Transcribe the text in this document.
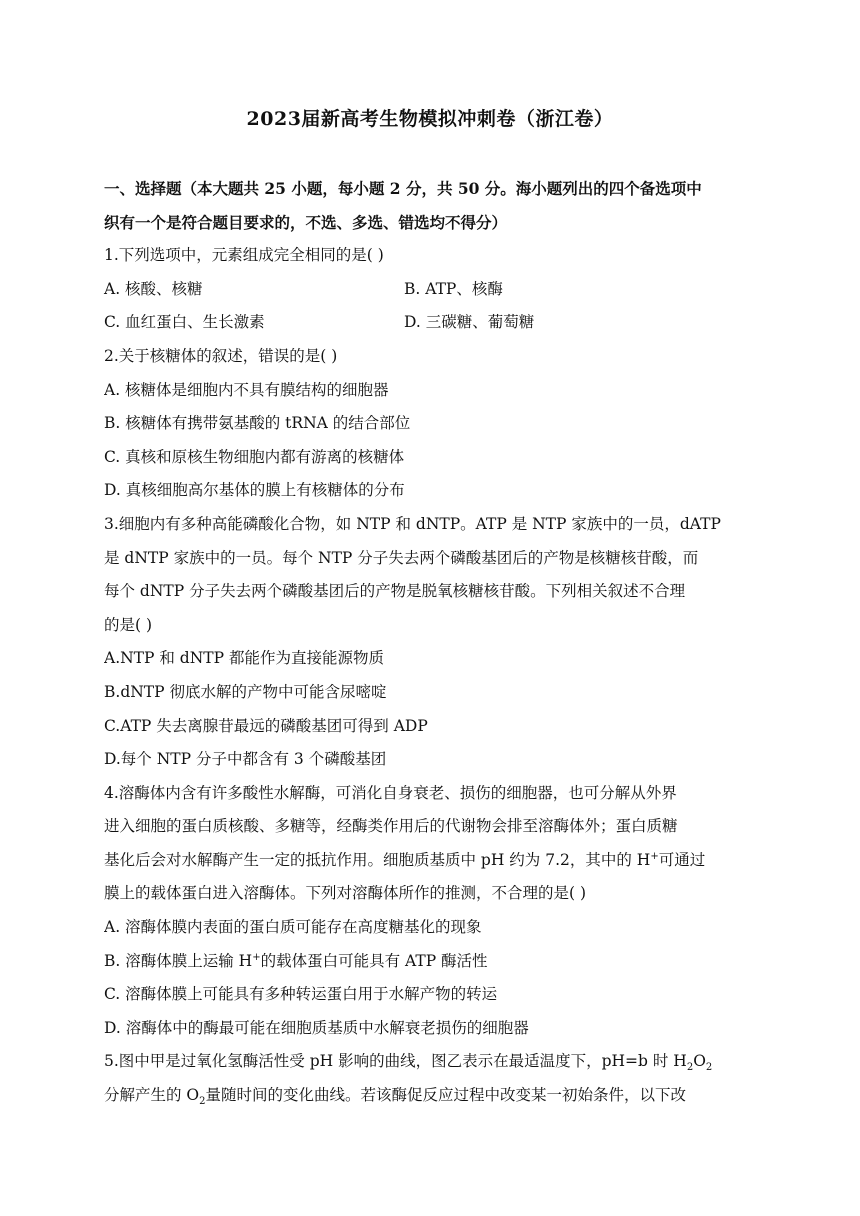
2023届新高考生物模拟冲刺卷（浙江卷）
一、选择题（本大题共 25 小题，每小题 2 分，共 50 分。海小题列出的四个备选项中
织有一个是符合题目要求的，不选、多选、错选均不得分）
1.下列选项中，元素组成完全相同的是( )
A. 核酸、核糖	B. ATP、核酶
C. 血红蛋白、生长激素	D. 三碳糖、葡萄糖
2.关于核糖体的叙述，错误的是( )
A. 核糖体是细胞内不具有膜结构的细胞器
B. 核糖体有携带氨基酸的 tRNA 的结合部位
C. 真核和原核生物细胞内都有游离的核糖体
D. 真核细胞高尔基体的膜上有核糖体的分布
3.细胞内有多种高能磷酸化合物，如 NTP 和 dNTP。ATP 是 NTP 家族中的一员，dATP
是 dNTP 家族中的一员。每个 NTP 分子失去两个磷酸基团后的产物是核糖核苷酸，而
每个 dNTP 分子失去两个磷酸基团后的产物是脱氧核糖核苷酸。下列相关叙述不合理
的是( )
A.NTP 和 dNTP 都能作为直接能源物质
B.dNTP 彻底水解的产物中可能含尿嘧啶
C.ATP 失去离腺苷最远的磷酸基团可得到 ADP
D.每个 NTP 分子中都含有 3 个磷酸基团
4.溶酶体内含有许多酸性水解酶，可消化自身衰老、损伤的细胞器，也可分解从外界
进入细胞的蛋白质核酸、多糖等，经酶类作用后的代谢物会排至溶酶体外；蛋白质糖
基化后会对水解酶产生一定的抵抗作用。细胞质基质中 pH 约为 7.2，其中的 H+可通过
膜上的载体蛋白进入溶酶体。下列对溶酶体所作的推测，不合理的是( )
A. 溶酶体膜内表面的蛋白质可能存在高度糖基化的现象
B. 溶酶体膜上运输 H+的载体蛋白可能具有 ATP 酶活性
C. 溶酶体膜上可能具有多种转运蛋白用于水解产物的转运
D. 溶酶体中的酶最可能在细胞质基质中水解衰老损伤的细胞器
5.图中甲是过氧化氢酶活性受 pH 影响的曲线，图乙表示在最适温度下，pH=b 时 $H_2O_2$
分解产生的 $O_2$量随时间的变化曲线。若该酶促反应过程中改变某一初始条件，以下改
